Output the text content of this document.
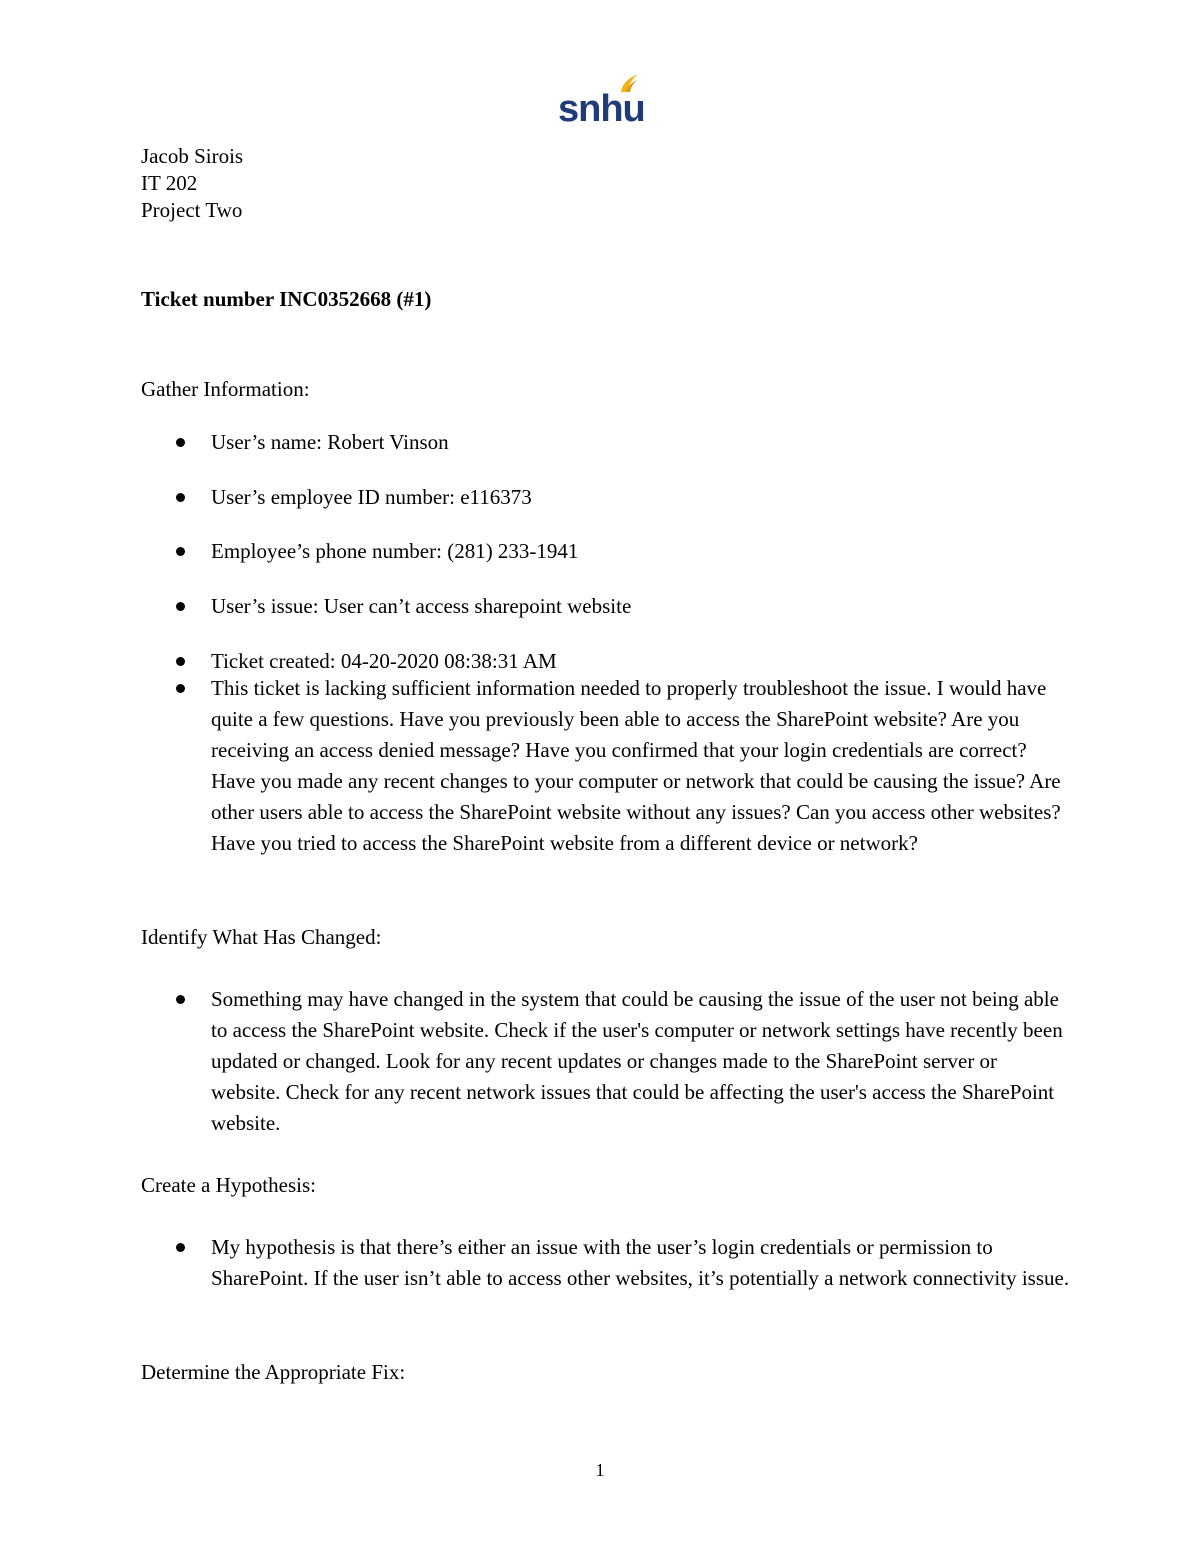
snhu
Jacob Sirois
IT 202
Project Two
Ticket number INC0352668 (#1)
Gather Information:
User’s name: Robert Vinson
User’s employee ID number: e116373
Employee’s phone number: (281) 233-1941
User’s issue: User can’t access sharepoint website
Ticket created: 04-20-2020 08:38:31 AM
This ticket is lacking sufficient information needed to properly troubleshoot the issue. I would have quite a few questions. Have you previously been able to access the SharePoint website? Are you receiving an access denied message? Have you confirmed that your login credentials are correct? Have you made any recent changes to your computer or network that could be causing the issue? Are other users able to access the SharePoint website without any issues? Can you access other websites? Have you tried to access the SharePoint website from a different device or network?
Identify What Has Changed:
Something may have changed in the system that could be causing the issue of the user not being able to access the SharePoint website. Check if the user's computer or network settings have recently been updated or changed. Look for any recent updates or changes made to the SharePoint server or website. Check for any recent network issues that could be affecting the user's access the SharePoint website.
Create a Hypothesis:
My hypothesis is that there’s either an issue with the user’s login credentials or permission to SharePoint. If the user isn’t able to access other websites, it’s potentially a network connectivity issue.
Determine the Appropriate Fix:
1
